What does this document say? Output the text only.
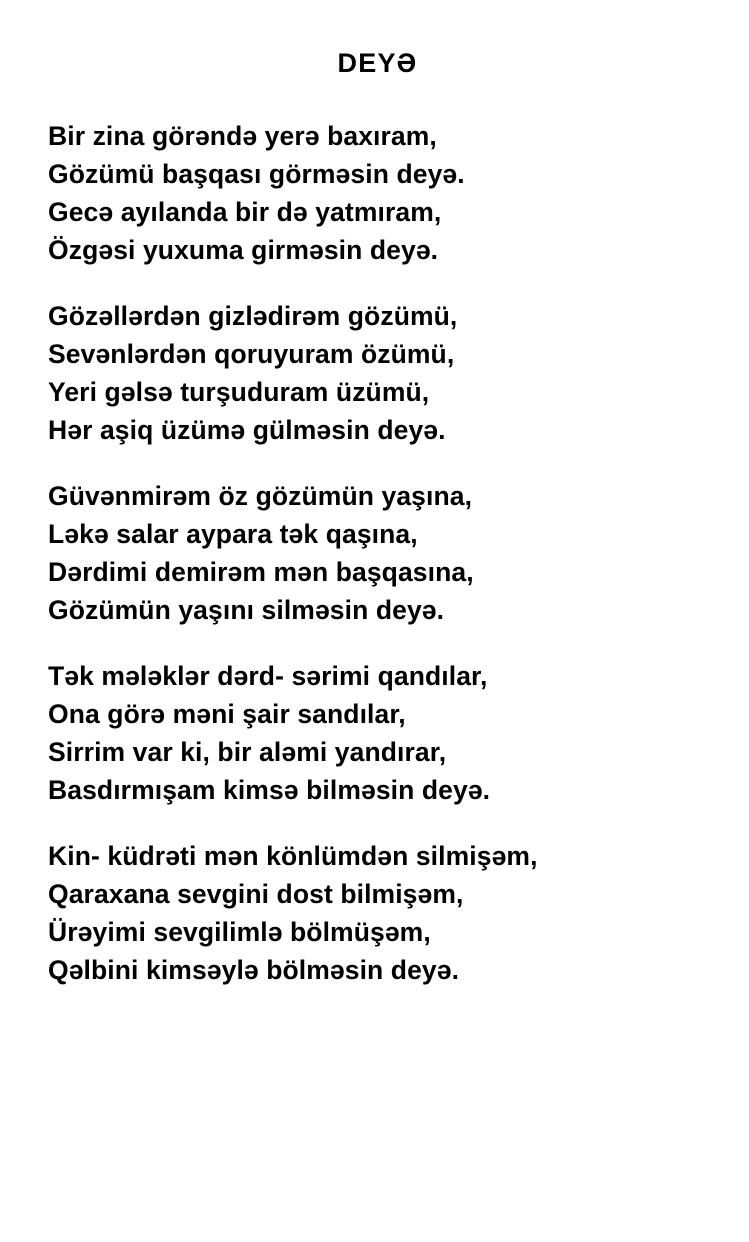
DEYƏ
Bir zina görəndə yerə baxıram,
Gözümü başqası görməsin deyə.
Gecə ayılanda bir də yatmıram,
Özgəsi yuxuma girməsin deyə.
Gözəllərdən gizlədirəm gözümü,
Sevənlərdən qoruyuram özümü,
Yeri gəlsə turşuduram üzümü,
Hər aşiq üzümə gülməsin deyə.
Güvənmirəm öz gözümün yaşına,
Ləkə salar aypara tək qaşına,
Dərdimi demirəm mən başqasına,
Gözümün yaşını silməsin deyə.
Tək mələklər dərd- sərimi qandılar,
Ona görə məni şair sandılar,
Sirrim var ki, bir aləmi yandırar,
Basdırmışam kimsə bilməsin deyə.
Kin- küdrəti mən könlümdən silmişəm,
Qaraxana sevgini dost bilmişəm,
Ürəyimi sevgilimlə bölmüşəm,
Qəlbini kimsəylə bölməsin deyə.
